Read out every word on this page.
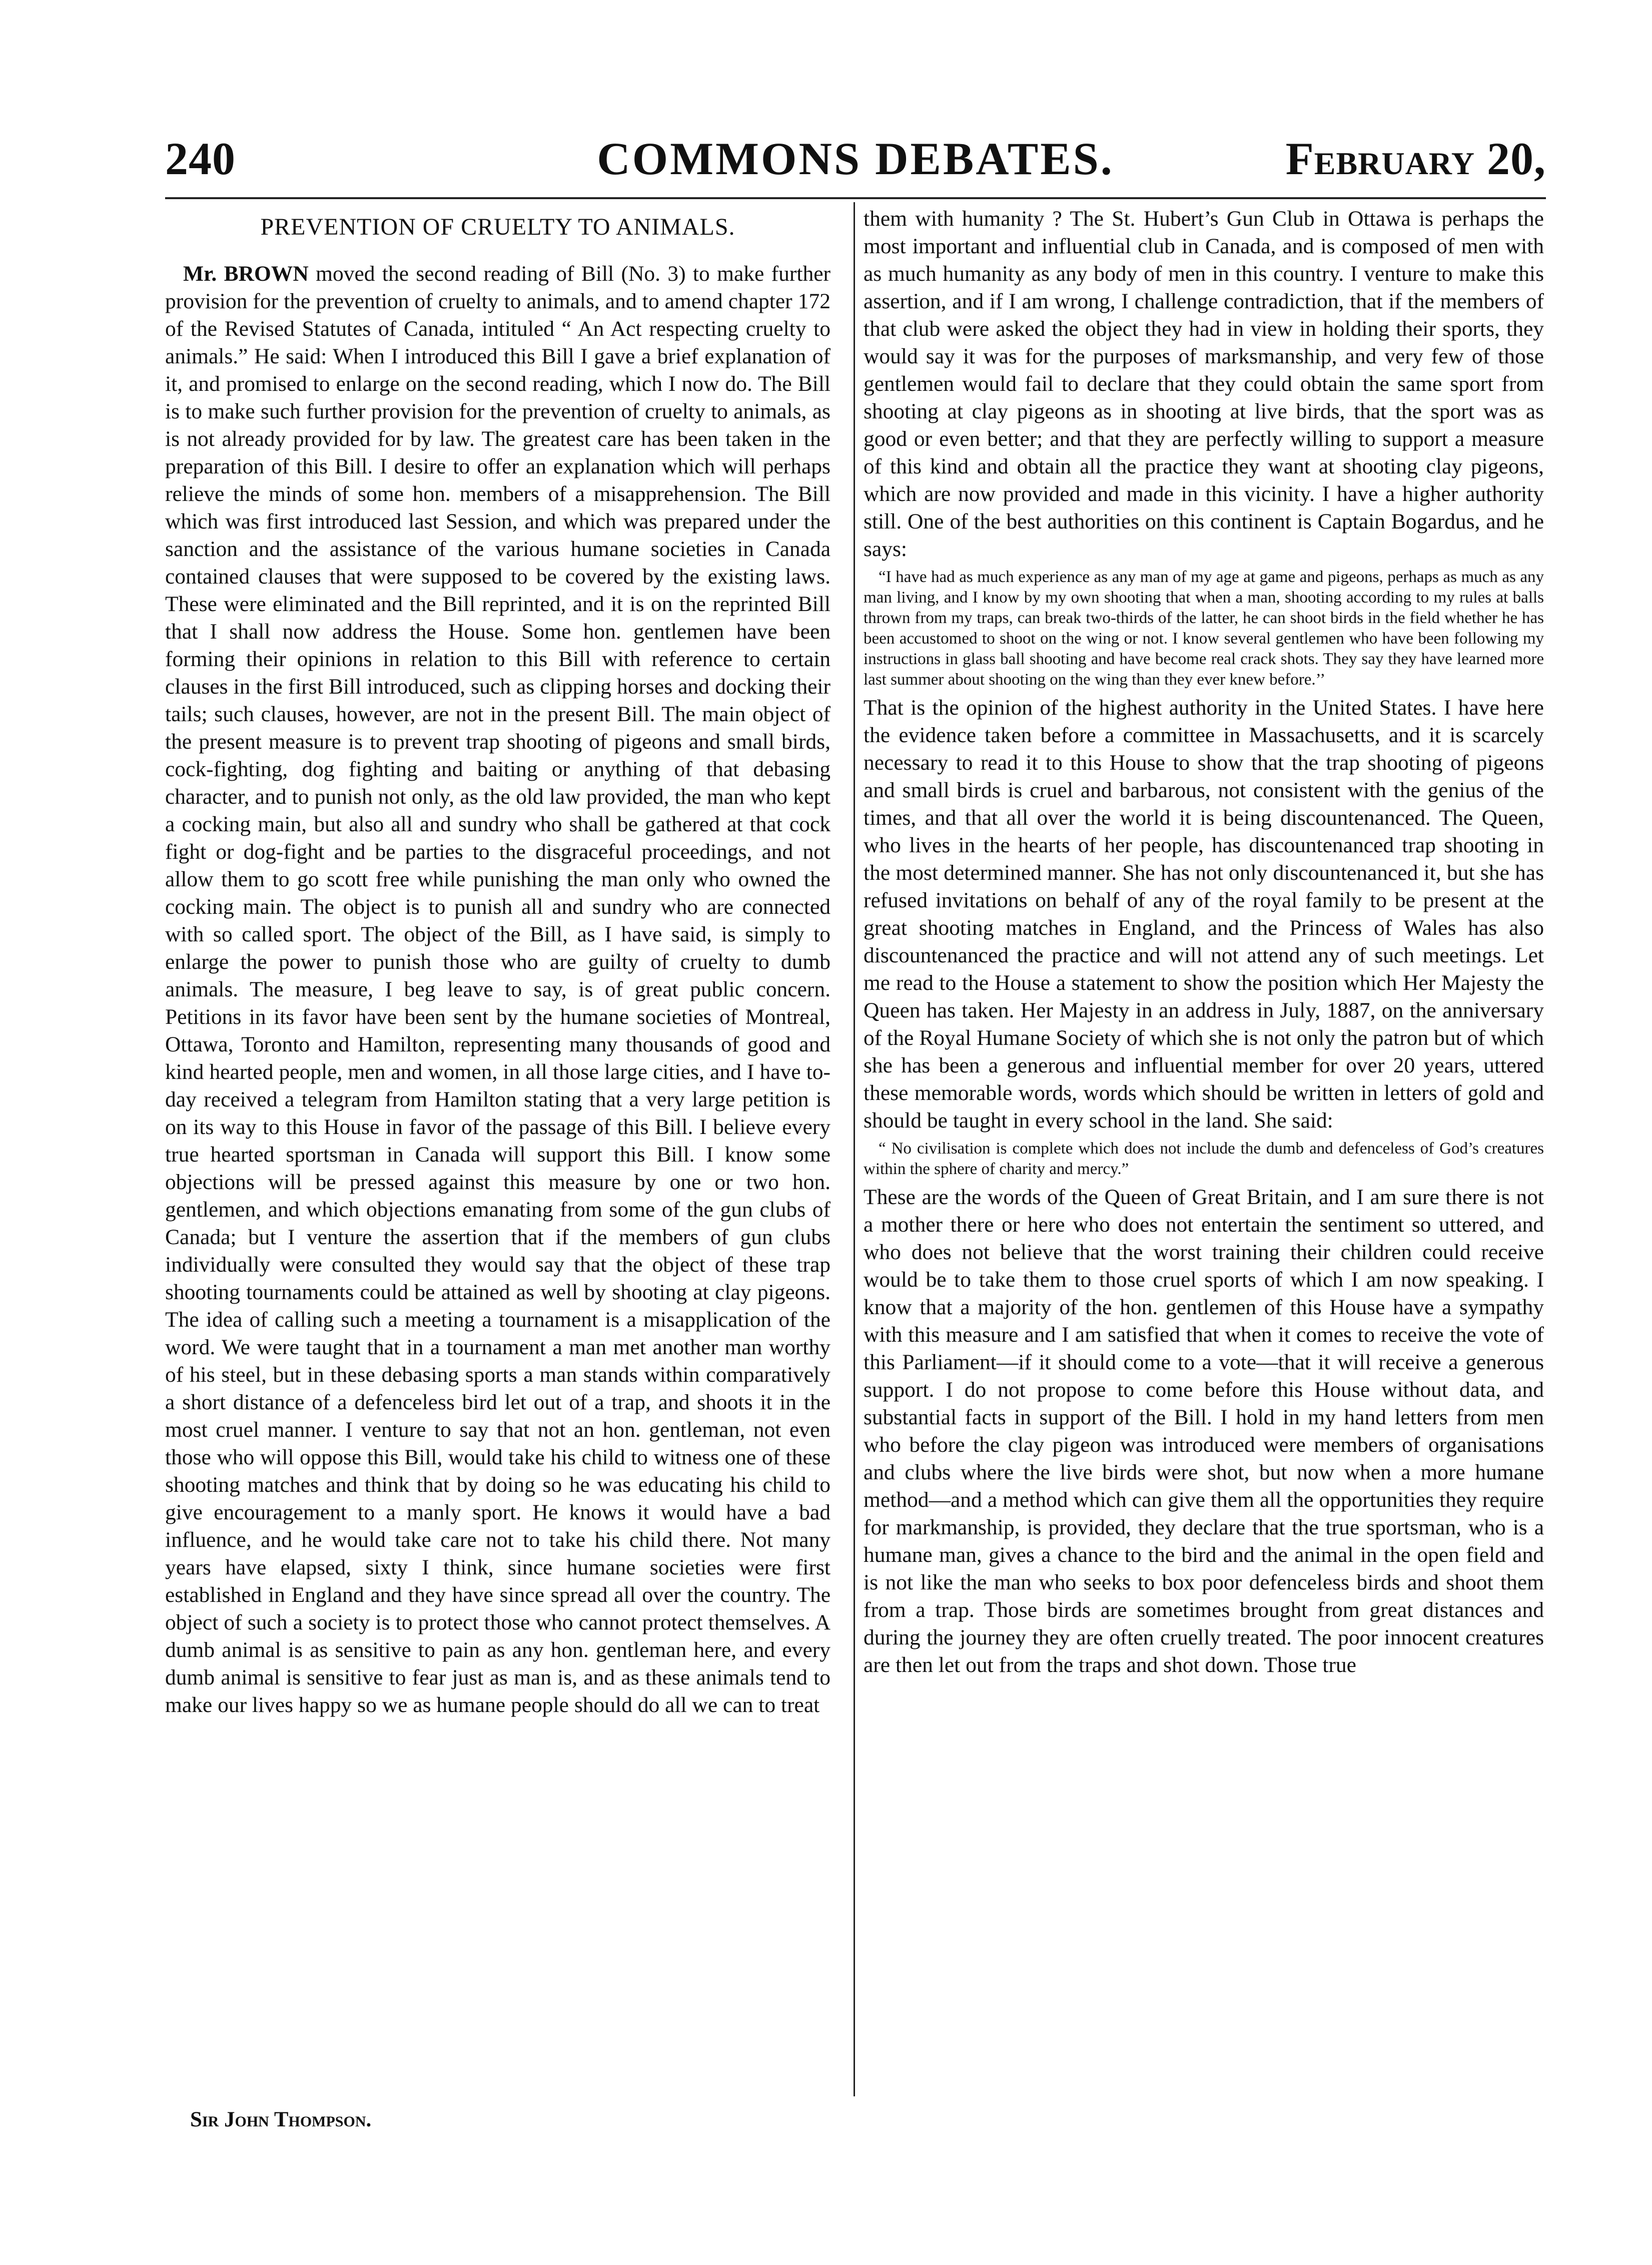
240	COMMONS DEBATES.	February 20,
PREVENTION OF CRUELTY TO ANIMALS.

Mr. BROWN moved the second reading of Bill (No. 3) to make further provision for the prevention of cruelty to animals, and to amend chapter 172 of the Revised Statutes of Canada, intituled “ An Act respecting cruelty to animals.” He said: When I introduced this Bill I gave a brief explanation of it, and promised to enlarge on the second reading, which I now do. The Bill is to make such further provision for the prevention of cruelty to animals, as is not already provided for by law. The greatest care has been taken in the preparation of this Bill. I desire to offer an explanation which will perhaps relieve the minds of some hon. members of a misapprehension. The Bill which was first introduced last Session, and which was prepared under the sanction and the assistance of the various humane societies in Canada contained clauses that were supposed to be covered by the existing laws. These were eliminated and the Bill reprinted, and it is on the reprinted Bill that I shall now address the House. Some hon. gentlemen have been forming their opinions in relation to this Bill with reference to certain clauses in the first Bill introduced, such as clipping horses and docking their tails; such clauses, however, are not in the present Bill. The main object of the present measure is to prevent trap shooting of pigeons and small birds, cock-fighting, dog fighting and baiting or anything of that debasing character, and to punish not only, as the old law provided, the man who kept a cocking main, but also all and sundry who shall be gathered at that cock fight or dog-fight and be parties to the disgraceful proceedings, and not allow them to go scott free while punishing the man only who owned the cocking main. The object is to punish all and sundry who are connected with so called sport. The object of the Bill, as I have said, is simply to enlarge the power to punish those who are guilty of cruelty to dumb animals. The measure, I beg leave to say, is of great public concern. Petitions in its favor have been sent by the humane societies of Montreal, Ottawa, Toronto and Hamilton, representing many thousands of good and kind hearted people, men and women, in all those large cities, and I have to-day received a telegram from Hamilton stating that a very large petition is on its way to this House in favor of the passage of this Bill. I believe every true hearted sportsman in Canada will support this Bill. I know some objections will be pressed against this measure by one or two hon. gentlemen, and which objections emanating from some of the gun clubs of Canada; but I venture the assertion that if the members of gun clubs individually were consulted they would say that the object of these trap shooting tournaments could be attained as well by shooting at clay pigeons. The idea of calling such a meeting a tournament is a misapplication of the word. We were taught that in a tournament a man met another man worthy of his steel, but in these debasing sports a man stands within comparatively a short distance of a defenceless bird let out of a trap, and shoots it in the most cruel manner. I venture to say that not an hon. gentleman, not even those who will oppose this Bill, would take his child to witness one of these shooting matches and think that by doing so he was educating his child to give encouragement to a manly sport. He knows it would have a bad influence, and he would take care not to take his child there. Not many years have elapsed, sixty I think, since humane societies were first established in England and they have since spread all over the country. The object of such a society is to protect those who cannot protect themselves. A dumb animal is as sensitive to pain as any hon. gentleman here, and every dumb animal is sensitive to fear just as man is, and as these animals tend to make our lives happy so we as humane people should do all we can to treat

them with humanity ? The St. Hubert’s Gun Club in Ottawa is perhaps the most important and influential club in Canada, and is composed of men with as much humanity as any body of men in this country. I venture to make this assertion, and if I am wrong, I challenge contradiction, that if the members of that club were asked the object they had in view in holding their sports, they would say it was for the purposes of marksmanship, and very few of those gentlemen would fail to declare that they could obtain the same sport from shooting at clay pigeons as in shooting at live birds, that the sport was as good or even better; and that they are perfectly willing to support a measure of this kind and obtain all the practice they want at shooting clay pigeons, which are now provided and made in this vicinity. I have a higher authority still. One of the best authorities on this continent is Captain Bogardus, and he says:

“I have had as much experience as any man of my age at game and pigeons, perhaps as much as any man living, and I know by my own shooting that when a man, shooting according to my rules at balls thrown from my traps, can break two-thirds of the latter, he can shoot birds in the field whether he has been accustomed to shoot on the wing or not. I know several gentlemen who have been following my instructions in glass ball shooting and have become real crack shots. They say they have learned more last summer about shooting on the wing than they ever knew before.’’

That is the opinion of the highest authority in the United States. I have here the evidence taken before a committee in Massachusetts, and it is scarcely necessary to read it to this House to show that the trap shooting of pigeons and small birds is cruel and barbarous, not consistent with the genius of the times, and that all over the world it is being discountenanced. The Queen, who lives in the hearts of her people, has discountenanced trap shooting in the most determined manner. She has not only discountenanced it, but she has refused invitations on behalf of any of the royal family to be present at the great shooting matches in England, and the Princess of Wales has also discountenanced the practice and will not attend any of such meetings. Let me read to the House a statement to show the position which Her Majesty the Queen has taken. Her Majesty in an address in July, 1887, on the anniversary of the Royal Humane Society of which she is not only the patron but of which she has been a generous and influential member for over 20 years, uttered these memorable words, words which should be written in letters of gold and should be taught in every school in the land. She said:

“ No civilisation is complete which does not include the dumb and defenceless of God’s creatures within the sphere of charity and mercy.”

These are the words of the Queen of Great Britain, and I am sure there is not a mother there or here who does not entertain the sentiment so uttered, and who does not believe that the worst training their children could receive would be to take them to those cruel sports of which I am now speaking. I know that a majority of the hon. gentlemen of this House have a sympathy with this measure and I am satisfied that when it comes to receive the vote of this Parliament—if it should come to a vote—that it will receive a generous support. I do not propose to come before this House without data, and substantial facts in support of the Bill. I hold in my hand letters from men who before the clay pigeon was introduced were members of organisations and clubs where the live birds were shot, but now when a more humane method—and a method which can give them all the opportunities they require for markmanship, is provided, they declare that the true sportsman, who is a humane man, gives a chance to the bird and the animal in the open field and is not like the man who seeks to box poor defenceless birds and shoot them from a trap. Those birds are sometimes brought from great distances and during the journey they are often cruelly treated. The poor innocent creatures are then let out from the traps and shot down. Those true

Sir John Thompson.
